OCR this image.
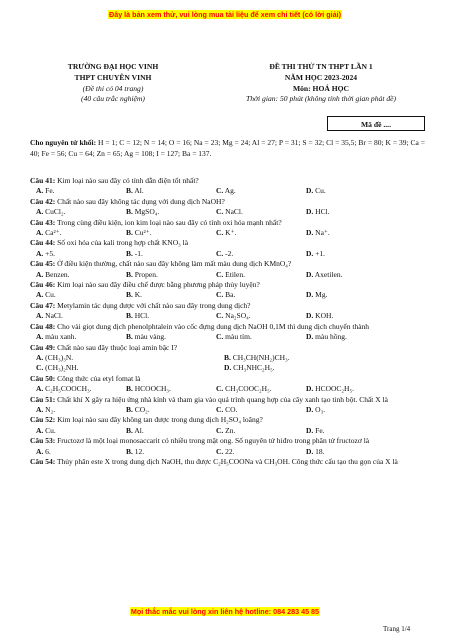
Đây là bản xem thử, vui lòng mua tài liệu để xem chi tiết (có lời giải)
TRƯỜNG ĐẠI HỌC VINH
THPT CHUYÊN VINH
(Đề thi có 04 trang)
(40 câu trắc nghiệm)
ĐỀ THI THỬ TN THPT LẦN 1
NĂM HỌC 2023-2024
Môn: HOÁ HỌC
Thời gian: 50 phút (không tính thời gian phát đề)
Mã đề ....
Cho nguyên tử khối: H = 1; C = 12; N = 14; O = 16; Na = 23; Mg = 24; Al = 27; P = 31; S = 32; Cl = 35,5; Br = 80; K = 39; Ca = 40; Fe = 56; Cu = 64; Zn = 65; Ag = 108; I = 127; Ba = 137.

Câu 41: Kim loại nào sau đây có tính dẫn điện tốt nhất?

A. Fe.	B. Al.	C. Ag.	D. Cu.

Câu 42: Chất nào sau đây không tác dụng với dung dịch NaOH?

A. CuCl₂.	B. MgSO₄.	C. NaCl.	D. HCl.

Câu 43: Trong cùng điều kiện, ion kim loại nào sau đây có tính oxi hóa mạnh nhất?

A. Ca²⁺.	B. Cu²⁺.	C. K⁺.	D. Na⁺.

Câu 44: Số oxi hóa của kali trong hợp chất KNO₃ là

A. +5.	B. -1.	C. -2.	D. +1.

Câu 45: Ở điều kiện thường, chất nào sau đây không làm mất màu dung dịch KMnO₄?

A. Benzen.	B. Propen.	C. Etilen.	D. Axetilen.

Câu 46: Kim loại nào sau đây điều chế được bằng phương pháp thủy luyện?

A. Cu.	B. K.	C. Ba.	D. Mg.

Câu 47: Metylamin tác dụng được với chất nào sau đây trong dung dịch?

A. NaCl.	B. HCl.	C. Na₂SO₄.	D. KOH.

Câu 48: Cho vài giọt dung dịch phenolphtalein vào cốc đựng dung dịch NaOH 0,1M thì dung dịch chuyển thành

A. màu xanh.	B. màu vàng.	C. màu tím.	D. màu hồng.

Câu 49: Chất nào sau đây thuộc loại amin bậc I?

A. (CH₃)₃N.	B. CH₃CH(NH₂)CH₃.
C. (CH₃)₂NH.	D. CH₃NHC₂H₅.

Câu 50: Công thức của etyl fomat là

A. C₂H₅COOCH₃.	B. HCOOCH₃.	C. CH₃COOC₂H₅.	D. HCOOC₂H₅.

Câu 51: Chất khí X gây ra hiệu ứng nhà kính và tham gia vào quá trình quang hợp của cây xanh tạo tinh bột. Chất X là

A. N₂.	B. CO₂.	C. CO.	D. O₃.

Câu 52: Kim loại nào sau đây không tan được trong dung dịch H₂SO₄ loãng?

A. Cu.	B. Al.	C. Zn.	D. Fe.

Câu 53: Fructozơ là một loại monosaccarit có nhiều trong mật ong. Số nguyên tử hiđro trong phân tử fructozơ là

A. 6.	B. 12.	C. 22.	D. 18.

Câu 54: Thủy phân este X trong dung dịch NaOH, thu được C₂H₅COONa và CH₃OH. Công thức cấu tạo thu gọn của X là

Mọi thắc mắc vui lòng xin liên hệ hotline: 084 283 45 85
Trang 1/4
